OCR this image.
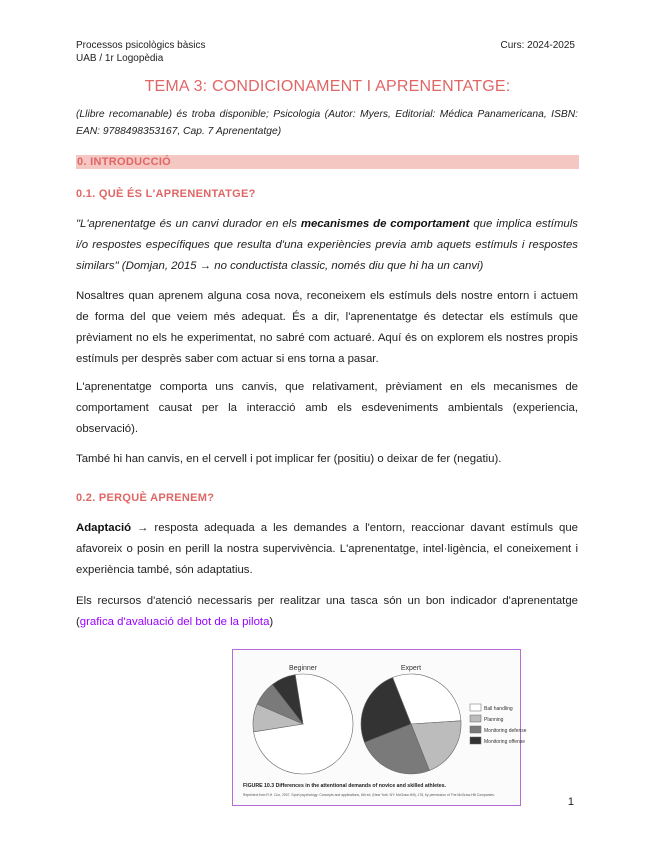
Processos psicològics bàsics
UAB / 1r Logopèdia
Curs: 2024-2025
TEMA 3: CONDICIONAMENT I APRENENTATGE:
(Llibre recomanable) és troba disponible; Psicologia (Autor: Myers, Editorial: Médica Panamericana, ISBN: EAN: 9788498353167, Cap. 7 Aprenentatge)
0. INTRODUCCIÓ
0.1. QUÈ ÉS L'APRENENTATGE?
"L'aprenentatge és un canvi durador en els mecanismes de comportament que implica estímuls i/o respostes específiques que resulta d'una experiències previa amb aquets estímuls i respostes similars" (Domjan, 2015 → no conductista classic, només diu que hi ha un canvi)
Nosaltres quan aprenem alguna cosa nova, reconeixem els estímuls dels nostre entorn i actuem de forma del que veiem més adequat. És a dir, l'aprenentatge és detectar els estímuls que prèviament no els he experimentat, no sabré com actuaré. Aquí és on explorem els nostres propis estímuls per desprès saber com actuar si ens torna a pasar.
L'aprenentatge comporta uns canvis, que relativament, prèviament en els mecanismes de comportament causat per la interacció amb els esdeveniments ambientals (experiencia, observació).
També hi han canvis, en el cervell i pot implicar fer (positiu) o deixar de fer (negatiu).
0.2. PERQUÈ APRENEM?
Adaptació → resposta adequada a les demandes a l'entorn, reaccionar davant estímuls que afavoreix o posin en perill la nostra supervivència. L'aprenentatge, intel·ligència, el coneixement i experiència també, són adaptatius.
Els recursos d'atenció necessaris per realitzar una tasca són un bon indicador d'aprenentatge (grafica d'avaluació del bot de la pilota)
Beginner	Expert
Ball handling
Planning
Monitoring defense
Monitoring offense
FIGURE 10.3 Differences in the attentional demands of novice and skilled athletes.
Reprinted from R.H. Cox, 2007. Sport psychology: Concepts and applications, 6th ed. (New York: NY: McGraw-Hill), 178, by permission of The McGraw-Hill Companies.
1
